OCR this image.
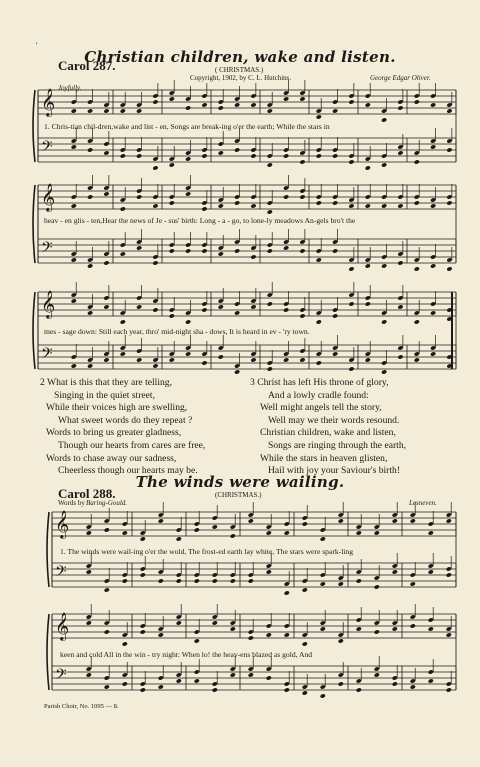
'
Christian children, wake and listen.
Carol 287.	( CHRISTMAS.)
Copyright, 1902, by C. L. Hutchins.	George Edgar Oliver.
Joyfully.
The winds were wailing.
Carol 288.	(CHRISTMAS.)
Words by Baring-Gould.	Lesneven.
1. Chris-tian chil-dren,wake and list - en, Songs are break-ing o'er the earth; While the stars in
heav - en glis - ten,Hear the news of Je - sus' birth: Long - a - go, to lone-ly meadows An-gels bro't the
mes - sage down: Still each year, thro' mid-night sha - dows, It is heard in ev - 'ry town.
1. The winds were wail-ing o'er the wold, The frost-ed earth lay white, The stars were spark-ling
keen and cold All in the win - try night: When lo! the heav-ens blazed as gold, And
2 What is this that they are telling,
Singing in the quiet street,
While their voices high are swelling,
What sweet words do they repeat ?
Words to bring us greater gladness,
Though our hearts from cares are free,
Words to chase away our sadness,
Cheerless though our hearts may be.
3 Christ has left His throne of glory,
And a lowly cradle found:
Well might angels tell the story,
Well may we their words resound.
Christian children, wake and listen,
Songs are ringing through the earth,
While the stars in heaven glisten,
Hail with joy your Saviour's birth!
Parish Choir, No. 1095 — 8.
𝄞
𝄢
𝄞
𝄢
𝄞
𝄢
𝄞
𝄢
𝄞
𝄢
